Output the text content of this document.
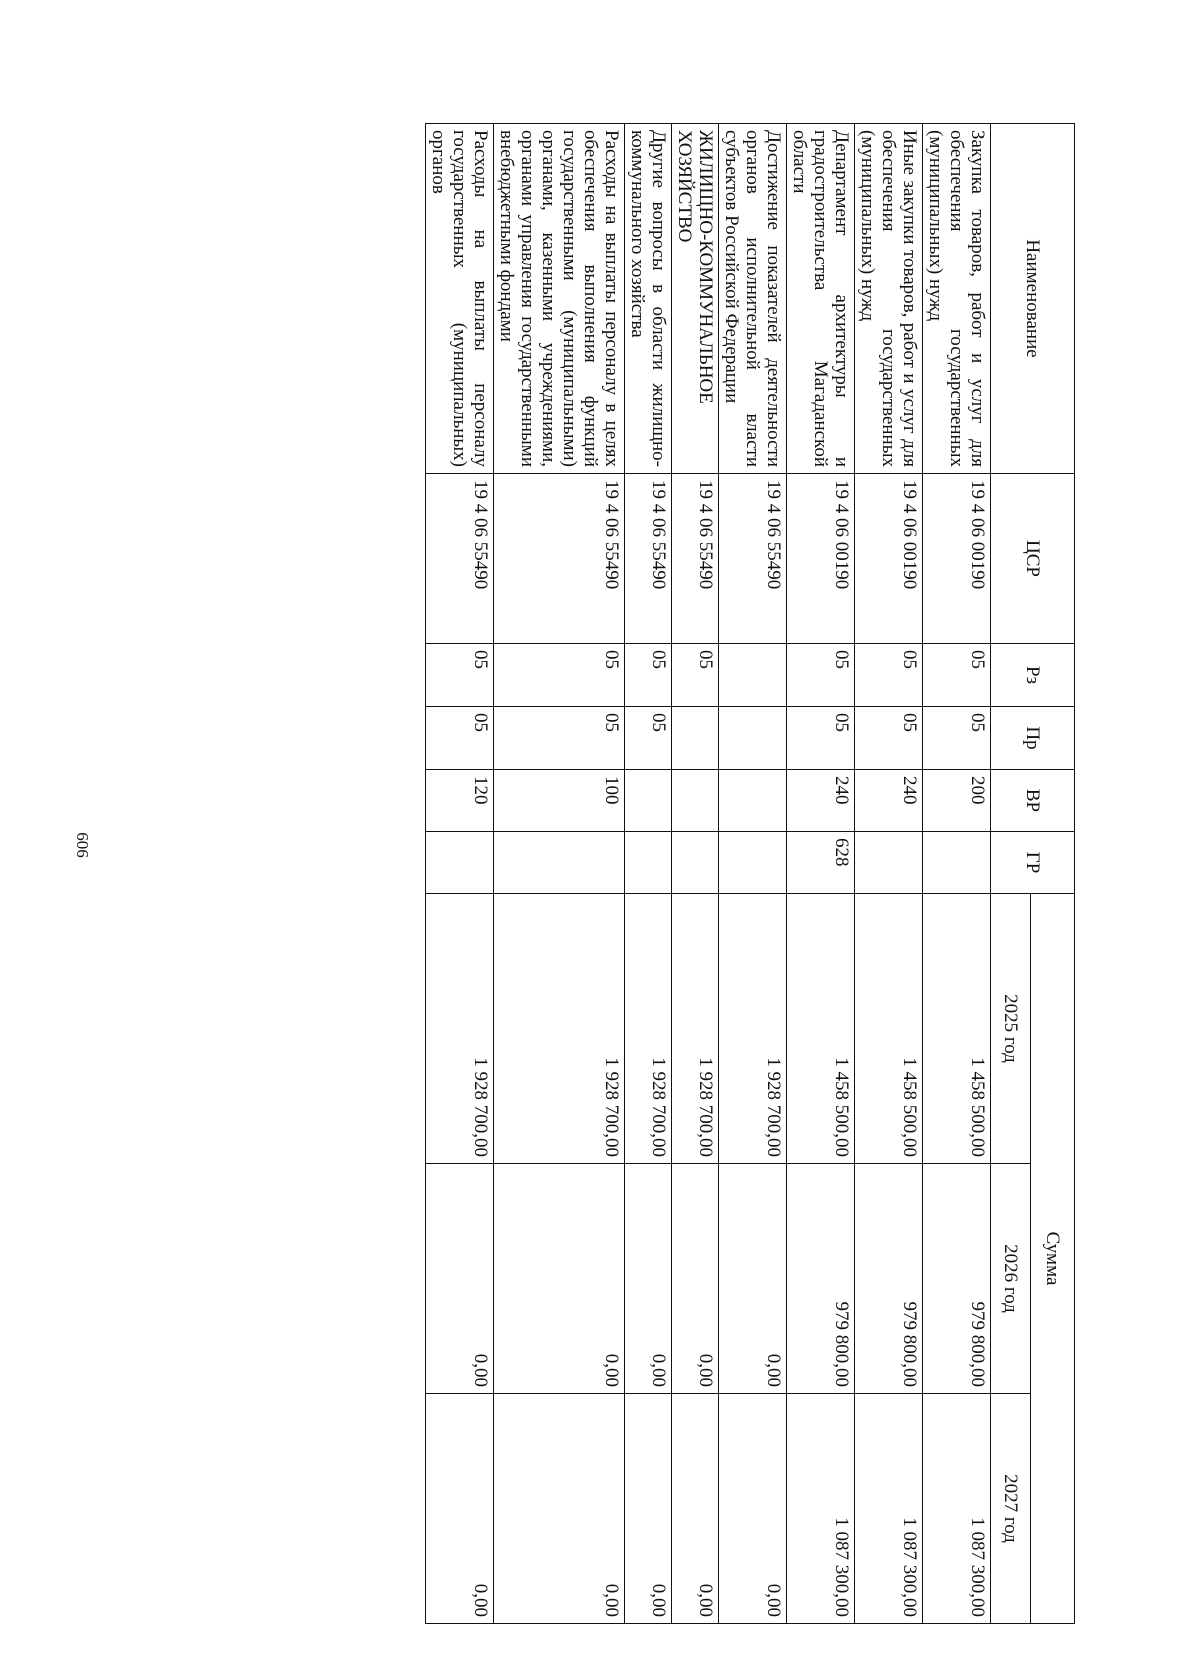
606
Наименование	ЦСР	Рз	Пр	ВР	ГР	Сумма		
						2025 год	2026 год	2027 год
Закупка товаров, работ и услуг для обеспечения государственных (муниципальных) нужд	19 4 06 00190	05	05	200		1 458 500,00	979 800,00	1 087 300,00
Иные закупки товаров, работ и услуг для обеспечения государственных (муниципальных) нужд	19 4 06 00190	05	05	240		1 458 500,00	979 800,00	1 087 300,00
Департамент архитектуры и градостроительства Магаданской области	19 4 06 00190	05	05	240	628	1 458 500,00	979 800,00	1 087 300,00
Достижение показателей деятельности органов исполнительной власти субъектов Российской Федерации	19 4 06 55490					1 928 700,00	0,00	0,00
ЖИЛИЩНО-КОММУНАЛЬНОЕ ХОЗЯЙСТВО	19 4 06 55490	05				1 928 700,00	0,00	0,00
Другие вопросы в области жилищно-коммунального хозяйства	19 4 06 55490	05	05			1 928 700,00	0,00	0,00
Расходы на выплаты персоналу в целях обеспечения выполнения функций государственными (муниципальными) органами, казенными учреждениями, органами управления государственными внебюджетными фондами	19 4 06 55490	05	05	100		1 928 700,00	0,00	0,00
Расходы на выплаты персоналу государственных (муниципальных) органов	19 4 06 55490	05	05	120		1 928 700,00	0,00	0,00
